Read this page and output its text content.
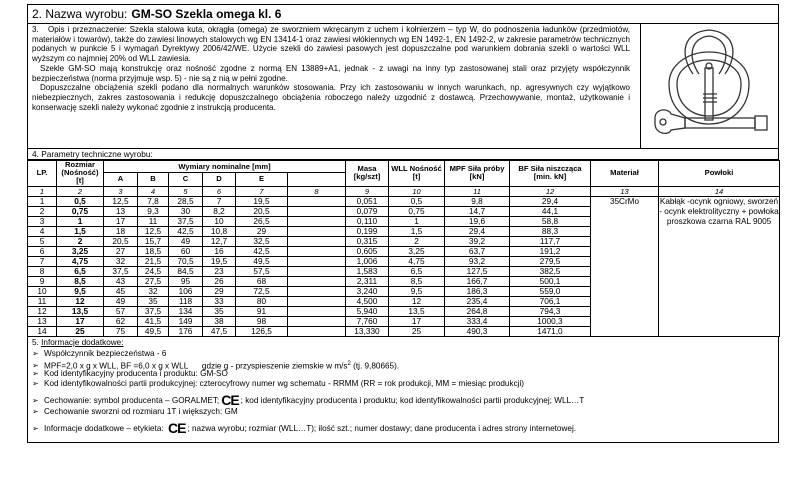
2. Nazwa wyrobu: GM-SO Szekla omega kl. 6

3. Opis i przeznaczenie: Szekla stalowa kuta, okrągła (omega) ze sworzniem wkręcanym z uchem i kołnierzem – typ W, do podnoszenia ładunków (przedmiotów, materiałów i towarów), także do zawiesi linowych stalowych wg EN 13414-1 oraz zawiesi włókiennych wg EN 1492-1, EN 1492-2, w zakresie parametrów technicznych podanych w punkcie 5 i wymagań Dyrektywy 2006/42/WE. Użycie szekli do zawiesi pasowych jest dopuszczalne pod warunkiem dobrania szekli o wartości WLL wyższym co najmniej 20% od WLL zawiesia.

Szekle GM-SO mają konstrukcję oraz nośność zgodne z normą EN 13889+A1, jednak - z uwagi na inny typ zastosowanej stali oraz przyjęty współczynnik bezpieczeństwa (norma przyjmuje wsp. 5) - nie są z nią w pełni zgodne.

Dopuszczalne obciążenia szekli podano dla normalnych warunków stosowania. Przy ich zastosowaniu w innych warunkach, np. agresywnych czy wyjątkowo niebezpiecznych, zakres zastosowania i redukcję dopuszczalnego obciążenia roboczego należy uzgodnić z dostawcą. Przechowywanie, montaż, użytkowanie i konserwację szekli należy wykonać zgodnie z instrukcją producenta.

4. Parametry techniczne wyrobu:
LP.	Rozmiar (Nośność) [t]	Wymiary nominalne [mm]						Masa [kg/szt]	WLL Nośność [t]	MPF Siła próby [kN]	BF Siła niszcząca [min. kN]	Materiał	Powłoki
		A	B	C	D	E							
1	2	3	4	5	6	7	8	9	10	11	12	13	14
1	0,5	12,5	7,8	28,5	7	19,5		0,051	0,5	9,8	29,4	35CrMo	Kabłąk -ocynk ogniowy, sworzeń - ocynk elektrolityczny + powłoka proszkowa czarna RAL 9005
2	0,75	13	9,3	30	8,2	20,5		0,079	0,75	14,7	44,1		
3	1	17	11	37,5	10	26,5		0,110	1	19,6	58,8		
4	1,5	18	12,5	42,5	10,8	29		0,199	1,5	29,4	88,3		
5	2	20,5	15,7	49	12,7	32,5		0,315	2	39,2	117,7		
6	3,25	27	18,5	60	16	42,5		0,605	3,25	63,7	191,2		
7	4,75	32	21,5	70,5	19,5	49,5		1,006	4,75	93,2	279,5		
8	6,5	37,5	24,5	84,5	23	57,5		1,583	6,5	127,5	382,5		
9	8,5	43	27,5	95	26	68		2,311	8,5	166,7	500,1		
10	9,5	45	32	106	29	72,5		3,240	9,5	186,3	559,0		
11	12	49	35	118	33	80		4,500	12	235,4	706,1		
12	13,5	57	37,5	134	35	91		5,940	13,5	264,8	794,3		
13	17	62	41,5	149	38	98		7,760	17	333,4	1000,3		
14	25	75	49,5	176	47,5	126,5		13,330	25	490,3	1471,0		
5. Informacje dodatkowe:
➢ Współczynnik bezpieczeństwa - 6
➢ MPF=2,0 x g x WLL, BF =6,0 x g x WLL gdzie g - przyspieszenie ziemskie w $m/s^2$ (tj. 9,80665).
➢ Kod identyfikacyjny producenta i produktu: GM-SO
➢ Kod identyfikowalności partii produkcyjnej: czterocyfrowy numer wg schematu - RRMM (RR = rok produkcji, MM = miesiąc produkcji)
➢ Cechowanie: symbol producenta – GORALMET; CE ; kod identyfikacyjny producenta i produktu; kod identyfikowalności partii produkcyjnej; WLL…T
➢ Cechowanie sworzni od rozmiaru 1T i większych: GM
➢ Informacje dodatkowe – etykieta: CE ; nazwa wyrobu; rozmiar (WLL…T); ilość szt.; numer dostawy; dane producenta i adres strony internetowej.
